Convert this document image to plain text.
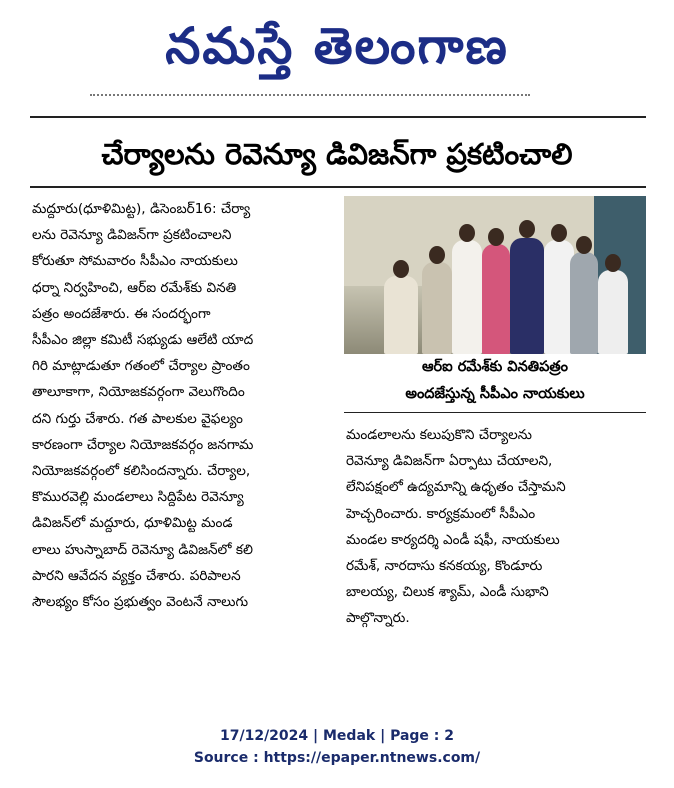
నమస్తే తెలంగాణ
చేర్యాలను రెవెన్యూ డివిజన్‌గా ప్రకటించాలి
మద్దూరు(ధూళిమిట్ట), డిసెంబర్16: చేర్యా
లను రెవెన్యూ డివిజన్‌గా ప్రకటించాలని
కోరుతూ సోమవారం సీపీఎం నాయకులు
ధర్నా నిర్వహించి, ఆర్ఐ రమేశ్‌కు వినతి
పత్రం అందజేశారు. ఈ సందర్భంగా
సీపీఎం జిల్లా కమిటీ సభ్యుడు ఆలేటి యాద
గిరి మాట్లాడుతూ గతంలో చేర్యాల ప్రాంతం
తాలూకాగా, నియోజకవర్గంగా వెలుగొందిం
దని గుర్తు చేశారు. గత పాలకుల వైఫల్యం
కారణంగా చేర్యాల నియోజకవర్గం జనగామ
నియోజకవర్గంలో కలిసిందన్నారు. చేర్యాల,
కొమురవెల్లి మండలాలు సిద్దిపేట రెవెన్యూ
డివిజన్‌లో మద్దూరు, ధూళిమిట్ట మండ
లాలు హుస్నాబాద్ రెవెన్యూ డివిజన్‌లో కలి
పారని ఆవేదన వ్యక్తం చేశారు. పరిపాలన
సౌలభ్యం కోసం ప్రభుత్వం వెంటనే నాలుగు
ఆర్ఐ రమేశ్‌కు వినతిపత్రం
అందజేస్తున్న సీపీఎం నాయకులు
మండలాలను కలుపుకొని చేర్యాలను
రెవెన్యూ డివిజన్‌గా ఏర్పాటు చేయాలని,
లేనిపక్షంలో ఉద్యమాన్ని ఉధృతం చేస్తామని
హెచ్చరించారు. కార్యక్రమంలో సీపీఎం
మండల కార్యదర్శి ఎండీ షఫీ, నాయకులు
రమేశ్, నారదాసు కనకయ్య, కొండూరు
బాలయ్య, చిలుక శ్యామ్, ఎండీ సుభాని
పాల్గొన్నారు.
17/12/2024 | Medak | Page : 2
Source : https://epaper.ntnews.com/
